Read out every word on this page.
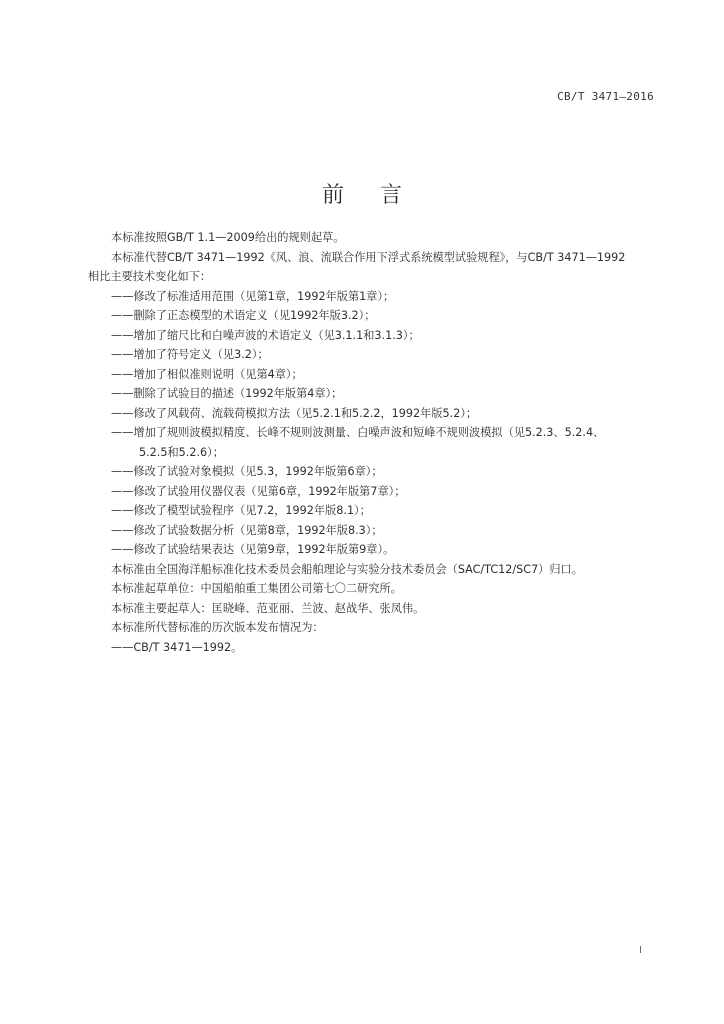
CB/T 3471—2016
前言

本标准按照GB/T 1.1—2009给出的规则起草。

本标准代替CB/T 3471—1992《风、浪、流联合作用下浮式系统模型试验规程》，与CB/T 3471—1992

相比主要技术变化如下：

——修改了标准适用范围（见第1章，1992年版第1章）；

——删除了正态模型的术语定义（见1992年版3.2）；

——增加了缩尺比和白噪声波的术语定义（见3.1.1和3.1.3）；

——增加了符号定义（见3.2）；

——增加了相似准则说明（见第4章）；

——删除了试验目的描述（1992年版第4章）；

——修改了风载荷、流载荷模拟方法（见5.2.1和5.2.2，1992年版5.2）；

——增加了规则波模拟精度、长峰不规则波测量、白噪声波和短峰不规则波模拟（见5.2.3、5.2.4、

5.2.5和5.2.6）；

——修改了试验对象模拟（见5.3，1992年版第6章）；

——修改了试验用仪器仪表（见第6章，1992年版第7章）；

——修改了模型试验程序（见7.2，1992年版8.1）；

——修改了试验数据分析（见第8章，1992年版8.3）；

——修改了试验结果表达（见第9章，1992年版第9章）。

本标准由全国海洋船标准化技术委员会船舶理论与实验分技术委员会（SAC/TC12/SC7）归口。

本标准起草单位：中国船舶重工集团公司第七〇二研究所。

本标准主要起草人：匡晓峰、范亚丽、兰波、赵战华、张凤伟。

本标准所代替标准的历次版本发布情况为：

——CB/T 3471—1992。

I
